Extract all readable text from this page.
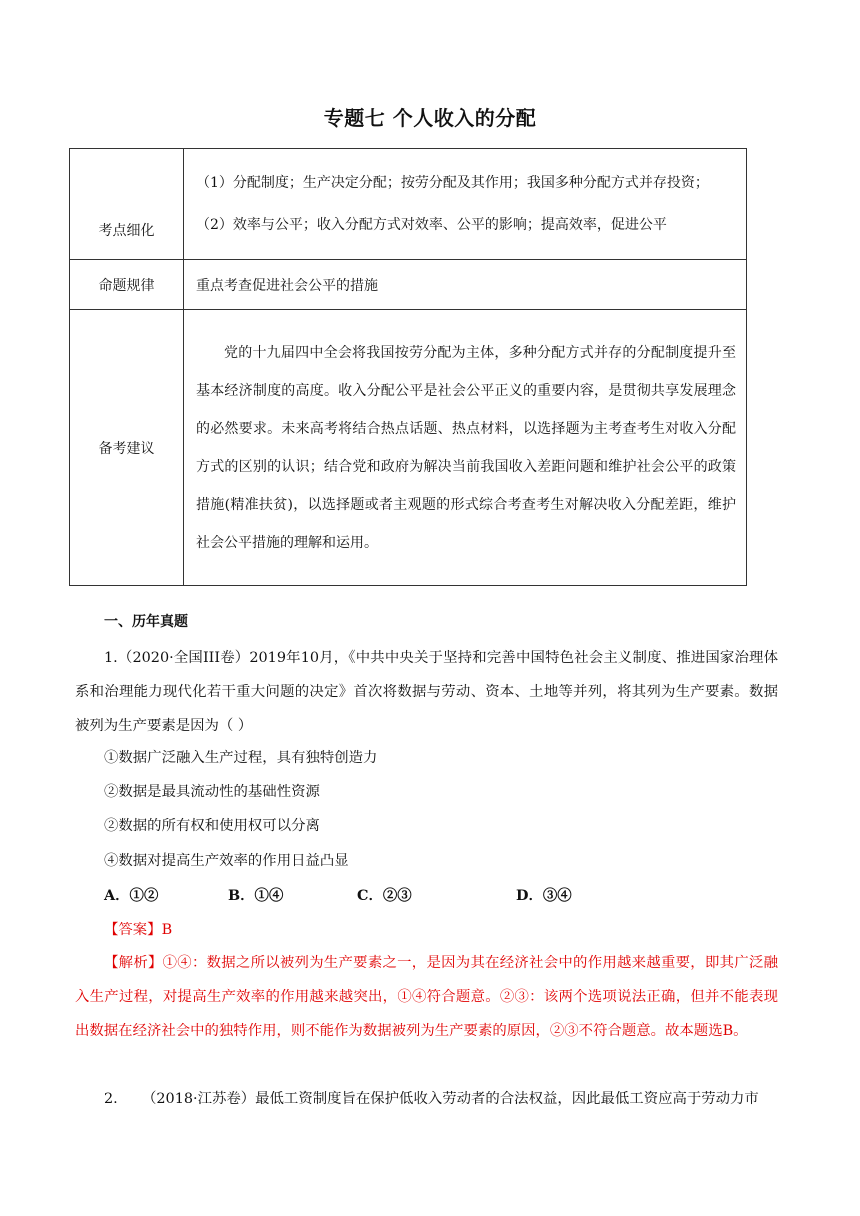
专题七 个人收入的分配
考点细化	（1）分配制度；生产决定分配；按劳分配及其作用；我国多种分配方式并存投资；
（2）效率与公平；收入分配方式对效率、公平的影响；提高效率，促进公平

命题规律	重点考查促进社会公平的措施
备考建议	党的十九届四中全会将我国按劳分配为主体，多种分配方式并存的分配制度提升至基本经济制度的高度。收入分配公平是社会公平正义的重要内容，是贯彻共享发展理念的必然要求。未来高考将结合热点话题、热点材料，以选择题为主考查考生对收入分配方式的区别的认识；结合党和政府为解决当前我国收入差距问题和维护社会公平的政策措施(精准扶贫)，以选择题或者主观题的形式综合考查考生对解决收入分配差距，维护社会公平措施的理解和运用。

一、历年真题

1.（2020·全国III卷）2019年10月，《中共中央关于坚持和完善中国特色社会主义制度、推进国家治理体系和治理能力现代化若干重大问题的决定》首次将数据与劳动、资本、土地等并列，将其列为生产要素。数据被列为生产要素是因为（ ）

①数据广泛融入生产过程，具有独特创造力
②数据是最具流动性的基础性资源
②数据的所有权和使用权可以分离
④数据对提高生产效率的作用日益凸显
A．①②	B．①④	C．②③	D．③④
【答案】B

【解析】①④：数据之所以被列为生产要素之一，是因为其在经济社会中的作用越来越重要，即其广泛融入生产过程，对提高生产效率的作用越来越突出，①④符合题意。②③：该两个选项说法正确，但并不能表现出数据在经济社会中的独特作用，则不能作为数据被列为生产要素的原因，②③不符合题意。故本题选B。

2. （2018·江苏卷）最低工资制度旨在保护低收入劳动者的合法权益，因此最低工资应高于劳动力市
